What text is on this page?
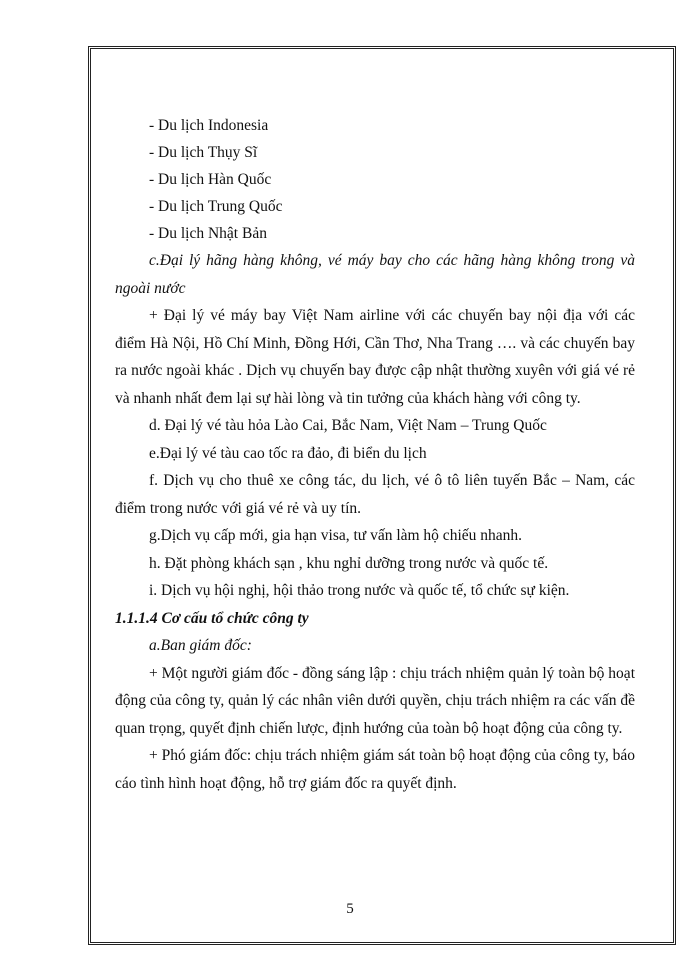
- Du lịch Indonesia
- Du lịch Thụy Sĩ
- Du lịch Hàn Quốc
- Du lịch Trung Quốc
- Du lịch Nhật Bản
c.Đại lý hãng hàng không, vé máy bay cho các hãng hàng không trong và ngoài nước
+ Đại lý vé máy bay Việt Nam airline với các chuyến bay nội địa với các điểm Hà Nội, Hồ Chí Minh, Đồng Hới, Cần Thơ, Nha Trang …. và các chuyến bay ra nước ngoài khác . Dịch vụ chuyến bay được cập nhật thường xuyên với giá vé rẻ và nhanh nhất đem lại sự hài lòng và tin tưởng của khách hàng với công ty.
d. Đại lý vé tàu hỏa Lào Cai, Bắc Nam, Việt Nam – Trung Quốc
e.Đại lý vé tàu cao tốc ra đảo, đi biển du lịch
f. Dịch vụ cho thuê xe công tác, du lịch, vé ô tô liên tuyến Bắc – Nam, các điểm trong nước với giá vé rẻ và uy tín.
g.Dịch vụ cấp mới, gia hạn visa, tư vấn làm hộ chiếu nhanh.
h. Đặt phòng khách sạn , khu nghỉ dưỡng trong nước và quốc tế.
i. Dịch vụ hội nghị, hội thảo trong nước và quốc tế, tổ chức sự kiện.
1.1.1.4 Cơ cấu tổ chức công ty
a.Ban giám đốc:
+ Một người giám đốc - đồng sáng lập : chịu trách nhiệm quản lý toàn bộ hoạt động của công ty, quản lý các nhân viên dưới quyền, chịu trách nhiệm ra các vấn đề quan trọng, quyết định chiến lược, định hướng của toàn bộ hoạt động của công ty.
+ Phó giám đốc: chịu trách nhiệm giám sát toàn bộ hoạt động của công ty, báo cáo tình hình hoạt động, hỗ trợ giám đốc ra quyết định.
5
